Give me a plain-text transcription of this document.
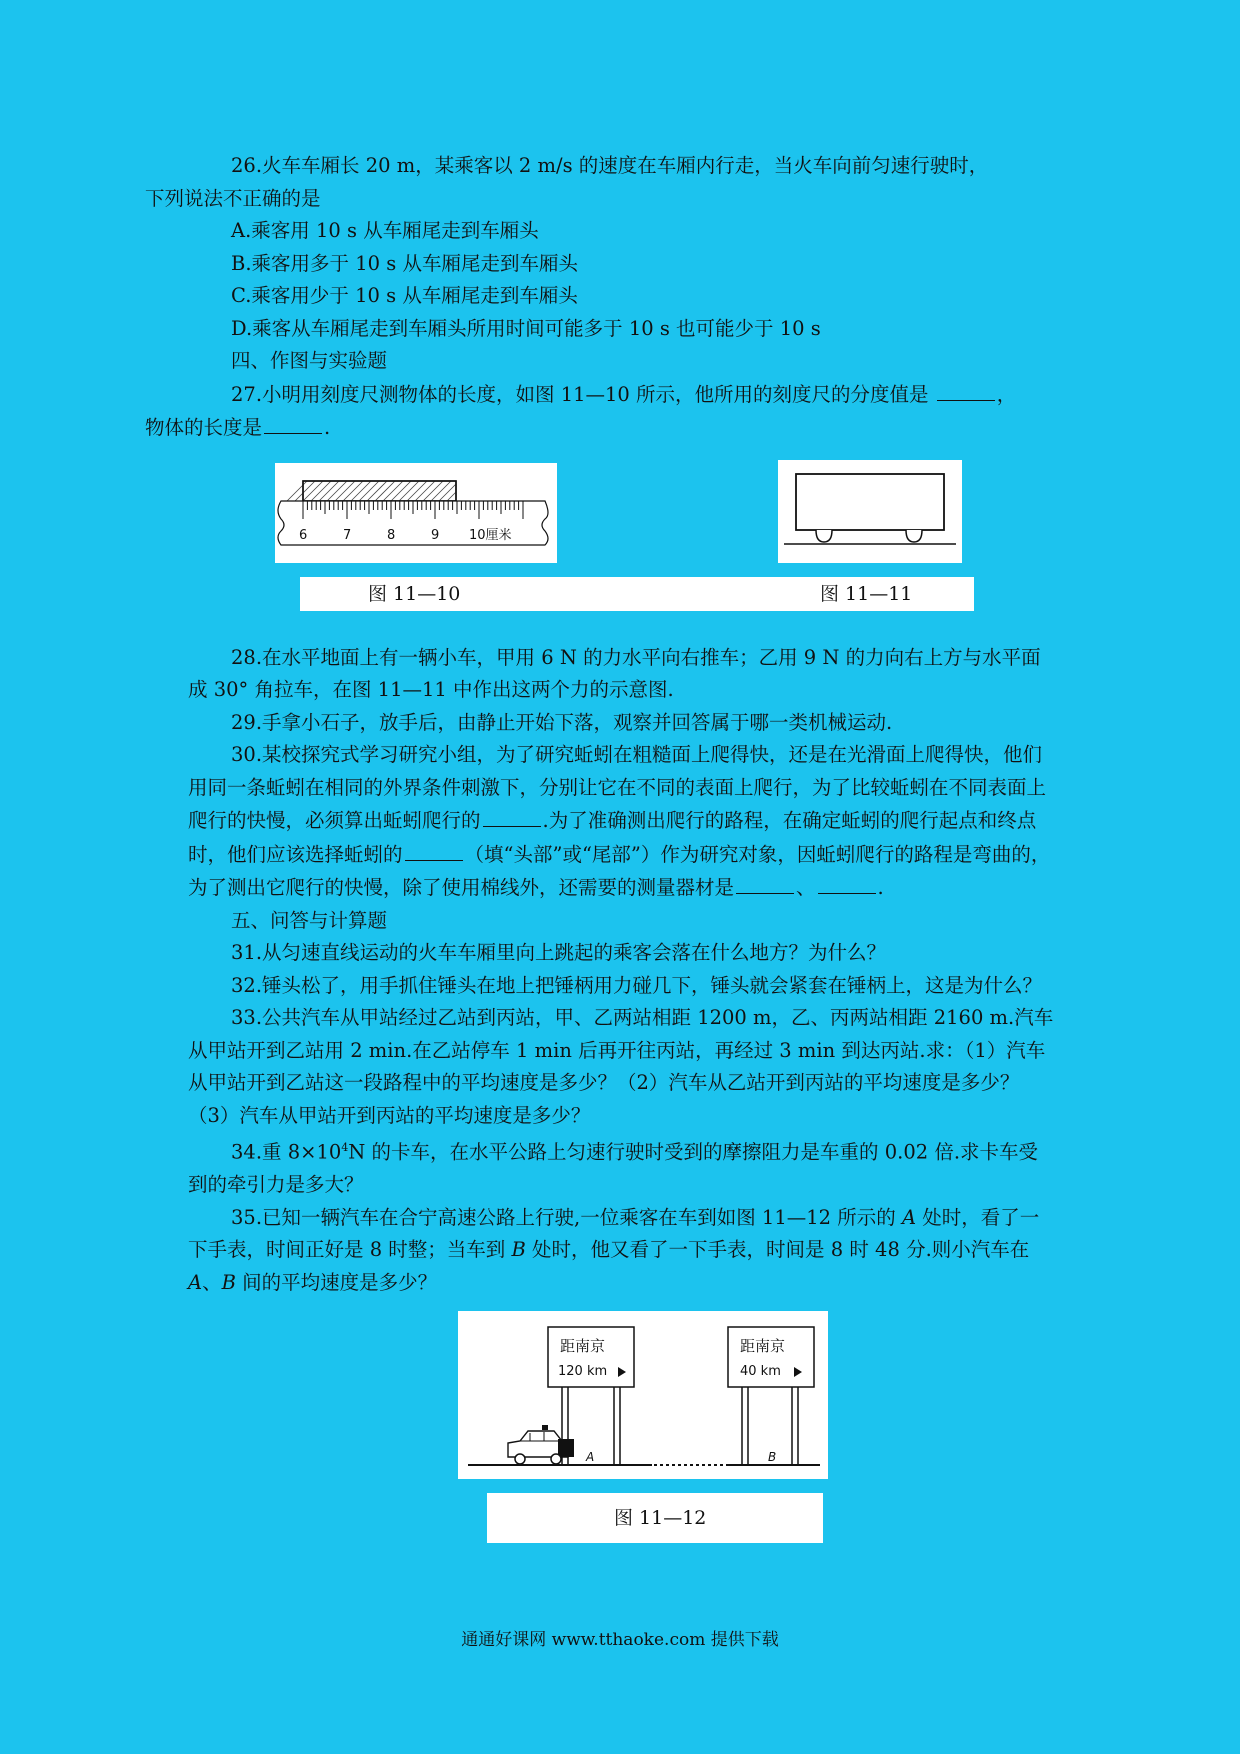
26.火车车厢长 20 m，某乘客以 2 m/s 的速度在车厢内行走，当火车向前匀速行驶时，
下列说法不正确的是

A.乘客用 10 s 从车厢尾走到车厢头

B.乘客用多于 10 s 从车厢尾走到车厢头

C.乘客用少于 10 s 从车厢尾走到车厢头

D.乘客从车厢尾走到车厢头所用时间可能多于 10 s 也可能少于 10 s

四、作图与实验题

27.小明用刻度尺测物体的长度，如图 11—10 所示，他所用的刻度尺的分度值是	，
物体的长度是	.

6	7	8	9 10厘米
图 11—10	图 11—11

28.在水平地面上有一辆小车，甲用 6 N 的力水平向右推车；乙用 9 N 的力向右上方与水平面成 30° 角拉车，在图 11—11 中作出这两个力的示意图.

29.手拿小石子，放手后，由静止开始下落，观察并回答属于哪一类机械运动.

30.某校探究式学习研究小组，为了研究蚯蚓在粗糙面上爬得快，还是在光滑面上爬得快，他们用同一条蚯蚓在相同的外界条件刺激下，分别让它在不同的表面上爬行，为了比较蚯蚓在不同表面上爬行的快慢，必须算出蚯蚓爬行的	.为了准确测出爬行的路程，在确定蚯蚓的爬行起点和终点时，他们应该选择蚯蚓的	（填“头部”或“尾部”）作为研究对象，因蚯蚓爬行的路程是弯曲的，为了测出它爬行的快慢，除了使用棉线外，还需要的测量器材是	、	.

五、问答与计算题

31.从匀速直线运动的火车车厢里向上跳起的乘客会落在什么地方？为什么？

32.锤头松了，用手抓住锤头在地上把锤柄用力碰几下，锤头就会紧套在锤柄上，这是为什么？

33.公共汽车从甲站经过乙站到丙站，甲、乙两站相距 1200 m，乙、丙两站相距 2160 m.汽车从甲站开到乙站用 2 min.在乙站停车 1 min 后再开往丙站，再经过 3 min 到达丙站.求：（1）汽车从甲站开到乙站这一段路程中的平均速度是多少？（2）汽车从乙站开到丙站的平均速度是多少？（3）汽车从甲站开到丙站的平均速度是多少？

34.重 $8\times 10^4N$ 的卡车，在水平公路上匀速行驶时受到的摩擦阻力是车重的 0.02 倍.求卡车受到的牵引力是多大？

35.已知一辆汽车在合宁高速公路上行驶,一位乘客在车到如图 11—12 所示的 A 处时，看了一下手表，时间正好是 8 时整；当车到 B 处时，他又看了一下手表，时间是 8 时 48 分.则小汽车在 A、B 间的平均速度是多少？

距南京
120 km
距南京
40 km
A	B
图 11—12
通通好课网 www.tthaoke.com 提供下载
